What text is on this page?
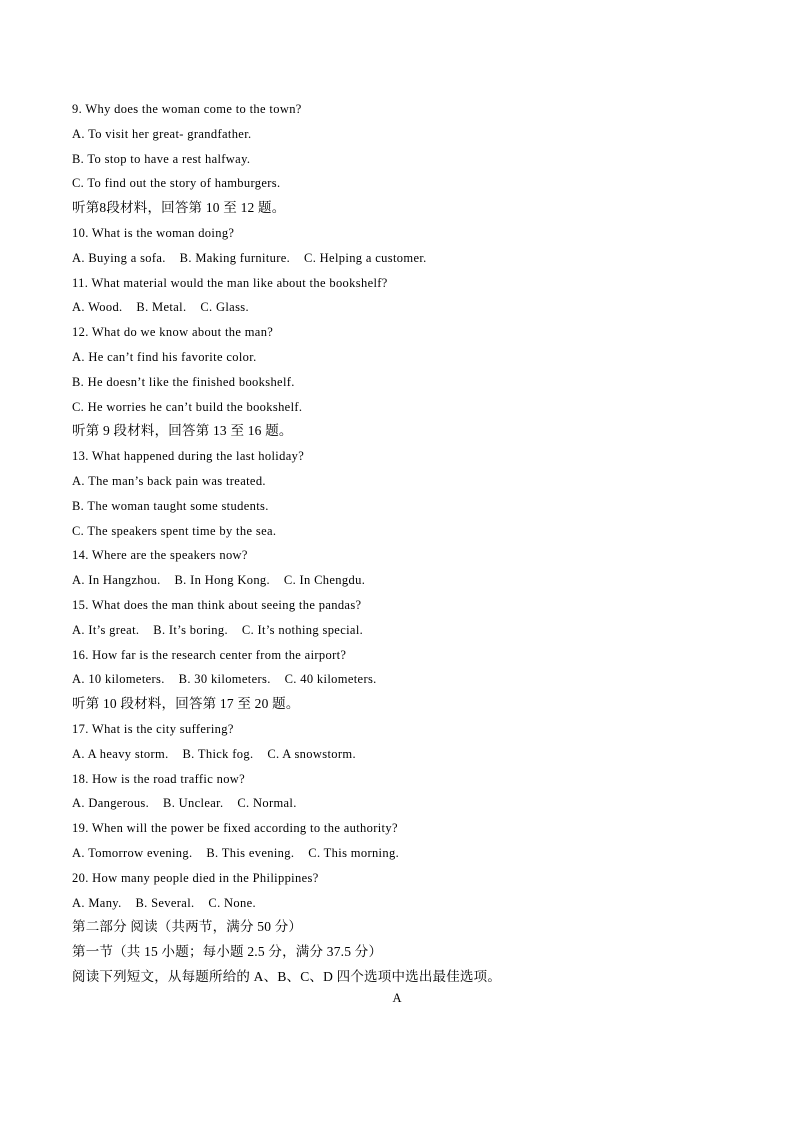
9. Why does the woman come to the town?
A. To visit her great- grandfather.
B. To stop to have a rest halfway.
C. To find out the story of hamburgers.
听第8段材料，回答第 10 至 12 题。
10. What is the woman doing?
A. Buying a sofa.    B. Making furniture.    C. Helping a customer.
11. What material would the man like about the bookshelf?
A. Wood.    B. Metal.    C. Glass.
12. What do we know about the man?
A. He can’t find his favorite color.
B. He doesn’t like the finished bookshelf.
C. He worries he can’t build the bookshelf.
听第 9 段材料，回答第 13 至 16 题。
13. What happened during the last holiday?
A. The man’s back pain was treated.
B. The woman taught some students.
C. The speakers spent time by the sea.
14. Where are the speakers now?
A. In Hangzhou.    B. In Hong Kong.    C. In Chengdu.
15. What does the man think about seeing the pandas?
A. It’s great.    B. It’s boring.    C. It’s nothing special.
16. How far is the research center from the airport?
A. 10 kilometers.    B. 30 kilometers.    C. 40 kilometers.
听第 10 段材料，回答第 17 至 20 题。
17. What is the city suffering?
A. A heavy storm.    B. Thick fog.    C. A snowstorm.
18. How is the road traffic now?
A. Dangerous.    B. Unclear.    C. Normal.
19. When will the power be fixed according to the authority?
A. Tomorrow evening.    B. This evening.    C. This morning.
20. How many people died in the Philippines?
A. Many.    B. Several.    C. None.
第二部分 阅读（共两节，满分 50 分）
第一节（共 15 小题；每小题 2.5 分，满分 37.5 分）
阅读下列短文，从每题所给的 A、B、C、D 四个选项中选出最佳选项。
A
